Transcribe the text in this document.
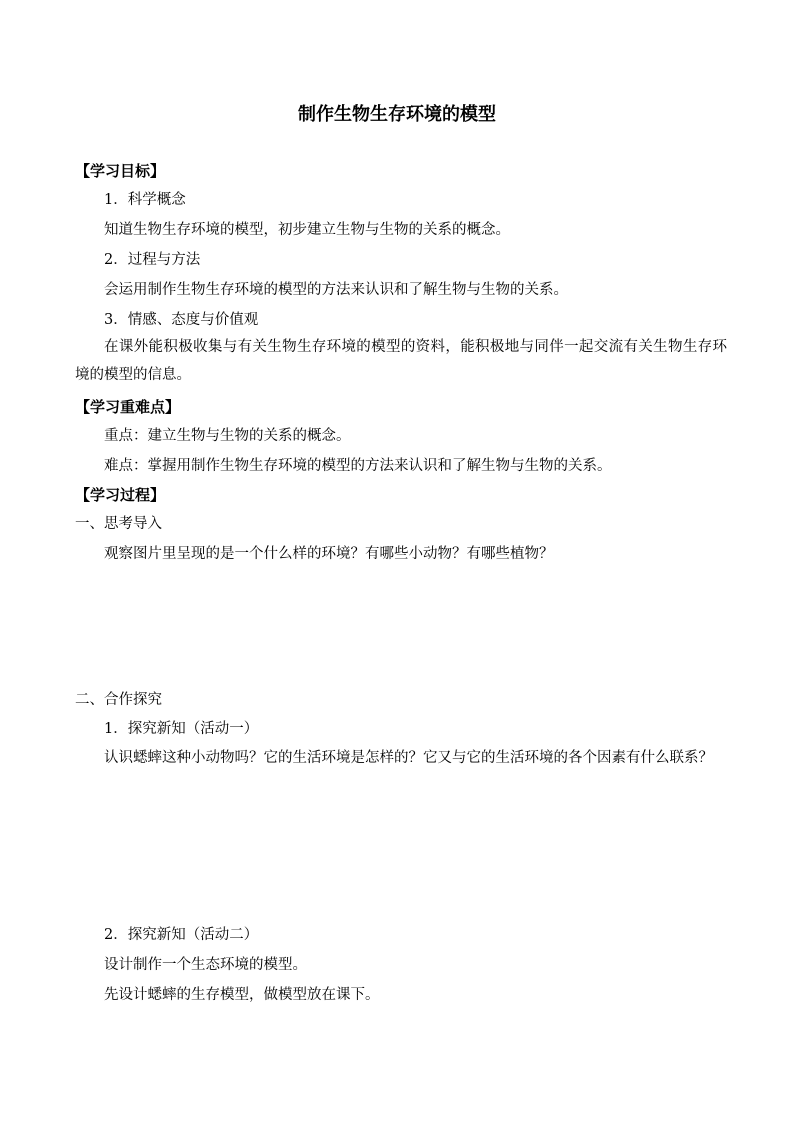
制作生物生存环境的模型
【学习目标】
1．科学概念
知道生物生存环境的模型，初步建立生物与生物的关系的概念。
2．过程与方法
会运用制作生物生存环境的模型的方法来认识和了解生物与生物的关系。
3．情感、态度与价值观
在课外能积极收集与有关生物生存环境的模型的资料，能积极地与同伴一起交流有关生物生存环境的模型的信息。
【学习重难点】
重点：建立生物与生物的关系的概念。
难点：掌握用制作生物生存环境的模型的方法来认识和了解生物与生物的关系。
【学习过程】
一、思考导入
观察图片里呈现的是一个什么样的环境？有哪些小动物？有哪些植物？
二、合作探究
1．探究新知（活动一）
认识蟋蟀这种小动物吗？它的生活环境是怎样的？它又与它的生活环境的各个因素有什么联系？
2．探究新知（活动二）
设计制作一个生态环境的模型。
先设计蟋蟀的生存模型，做模型放在课下。
